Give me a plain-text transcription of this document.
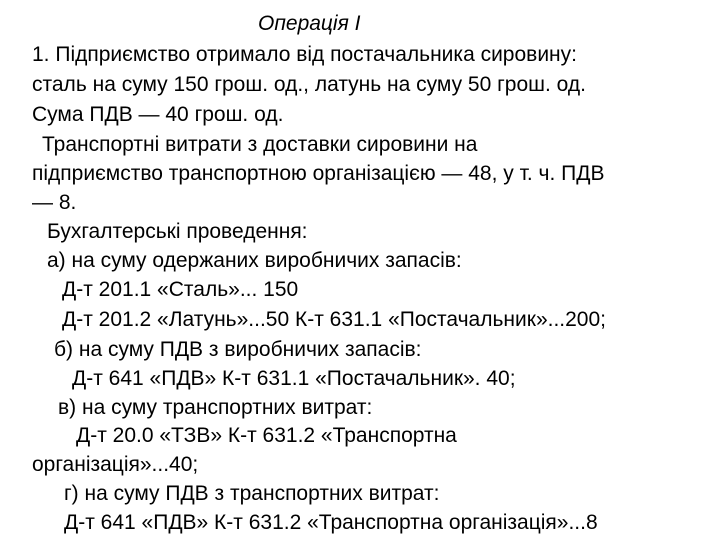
Операція І
1. Підприємство отримало від постачальника сировину:
сталь на суму 150 грош. од., латунь на суму 50 грош. од.
Сума ПДВ — 40 грош. од.
Транспортні витрати з доставки сировини на
підприємство транспортною організацією — 48, у т. ч. ПДВ
— 8.
Бухгалтерські проведення:
а) на суму одержаних виробничих запасів:
Д-т 201.1 «Сталь»... 150
Д-т 201.2 «Латунь»...50 К-т 631.1 «Постачальник»...200;
б) на суму ПДВ з виробничих запасів:
Д-т 641 «ПДВ» К-т 631.1 «Постачальник». 40;
в) на суму транспортних витрат:
Д-т 20.0 «ТЗВ» К-т 631.2 «Транспортна
організація»...40;
г) на суму ПДВ з транспортних витрат:
Д-т 641 «ПДВ» К-т 631.2 «Транспортна організація»...8
